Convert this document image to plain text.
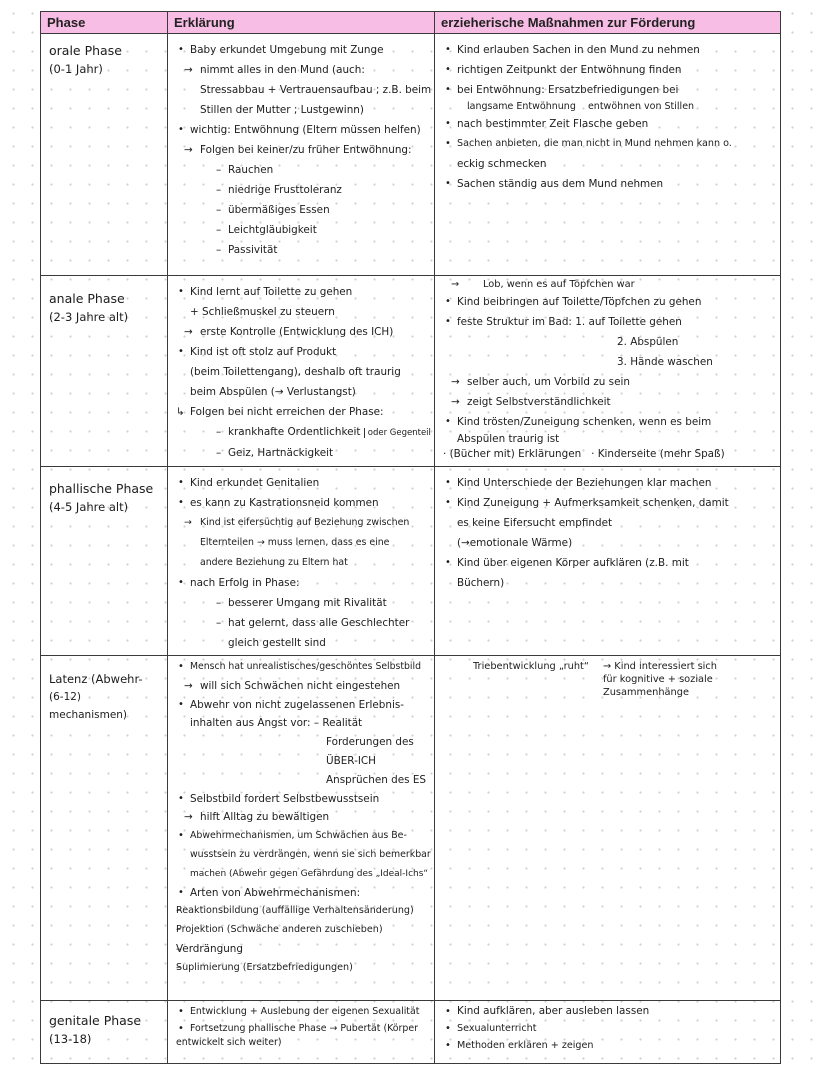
Phase	Erklärung	erzieherische Maßnahmen zur Förderung
orale Phase
(0-1 Jahr)
• Baby erkundet Umgebung mit Zunge
→ nimmt alles in den Mund (auch:
Stressabbau + Vertrauensaufbau ; z.B. beim
Stillen der Mutter ; Lustgewinn)
• wichtig: Entwöhnung (Eltern müssen helfen)
→ Folgen bei keiner/zu früher Entwöhnung:
– Rauchen
– niedrige Frusttoleranz
– übermäßiges Essen
– Leichtgläubigkeit
– Passivität
• Kind erlauben Sachen in den Mund zu nehmen
• richtigen Zeitpunkt der Entwöhnung finden
• bei Entwöhnung: Ersatzbefriedigungen bei
langsame Entwöhnung entwöhnen von Stillen
• nach bestimmter Zeit Flasche geben
• Sachen anbieten, die man nicht in Mund nehmen kann o.
eckig schmecken
• Sachen ständig aus dem Mund nehmen
anale Phase
(2-3 Jahre alt)
• Kind lernt auf Toilette zu gehen
+ Schließmuskel zu steuern
→ erste Kontrolle (Entwicklung des ICH)
• Kind ist oft stolz auf Produkt
(beim Toilettengang), deshalb oft traurig
beim Abspülen (→ Verlustangst)
↳ Folgen bei nicht erreichen der Phase:
– krankhafte Ordentlichkeit oder Gegenteil
– Geiz, Hartnäckigkeit
→ Lob, wenn es auf Töpfchen war
• Kind beibringen auf Toilette/Töpfchen zu gehen
• feste Struktur im Bad: 1. auf Toilette gehen
2. Abspülen
3. Hände waschen
→ selber auch, um Vorbild zu sein
→ zeigt Selbstverständlichkeit
• Kind trösten/Zuneigung schenken, wenn es beim
Abspülen traurig ist
· (Bücher mit) Erklärungen   · Kinderseite (mehr Spaß)
phallische Phase
(4-5 Jahre alt)
• Kind erkundet Genitalien
• es kann zu Kastrationsneid kommen
→ Kind ist eifersüchtig auf Beziehung zwischen
Elternteilen → muss lernen, dass es eine
andere Beziehung zu Eltern hat
• nach Erfolg in Phase:
– besserer Umgang mit Rivalität
– hat gelernt, dass alle Geschlechter
gleich gestellt sind
• Kind Unterschiede der Beziehungen klar machen
• Kind Zuneigung + Aufmerksamkeit schenken, damit
es keine Eifersucht empfindet
(→emotionale Wärme)
• Kind über eigenen Körper aufklären (z.B. mit
Büchern)
Latenz (Abwehr-
(6-12) mechanismen)
• Mensch hat unrealistisches/geschöntes Selbstbild
→ will sich Schwächen nicht eingestehen
• Abwehr von nicht zugelassenen Erlebnis-
inhalten aus Angst vor: – Realität
Forderungen des
ÜBER-ICH
Ansprüchen des ES
• Selbstbild fordert Selbstbewusstsein
→ hilft Alltag zu bewältigen
• Abwehrmechanismen, um Schwächen aus Be-
wusstsein zu verdrängen, wenn sie sich bemerkbar
machen (Abwehr gegen Gefährdung des „Ideal-Ichs“
• Arten von Abwehrmechanismen:
– Reaktionsbildung (auffällige Verhaltensänderung)
– Projektion (Schwäche anderen zuschieben)
– Verdrängung
– Suplimierung (Ersatzbefriedigungen)
Triebentwicklung „ruht“ → Kind interessiert sich für kognitive + soziale Zusammenhänge
genitale Phase
(13-18)
• Entwicklung + Auslebung der eigenen Sexualität
• Fortsetzung phallische Phase → Pubertät (Körper
entwickelt sich weiter)
• Kind aufklären, aber ausleben lassen
• Sexualunterricht
• Methoden erklären + zeigen
